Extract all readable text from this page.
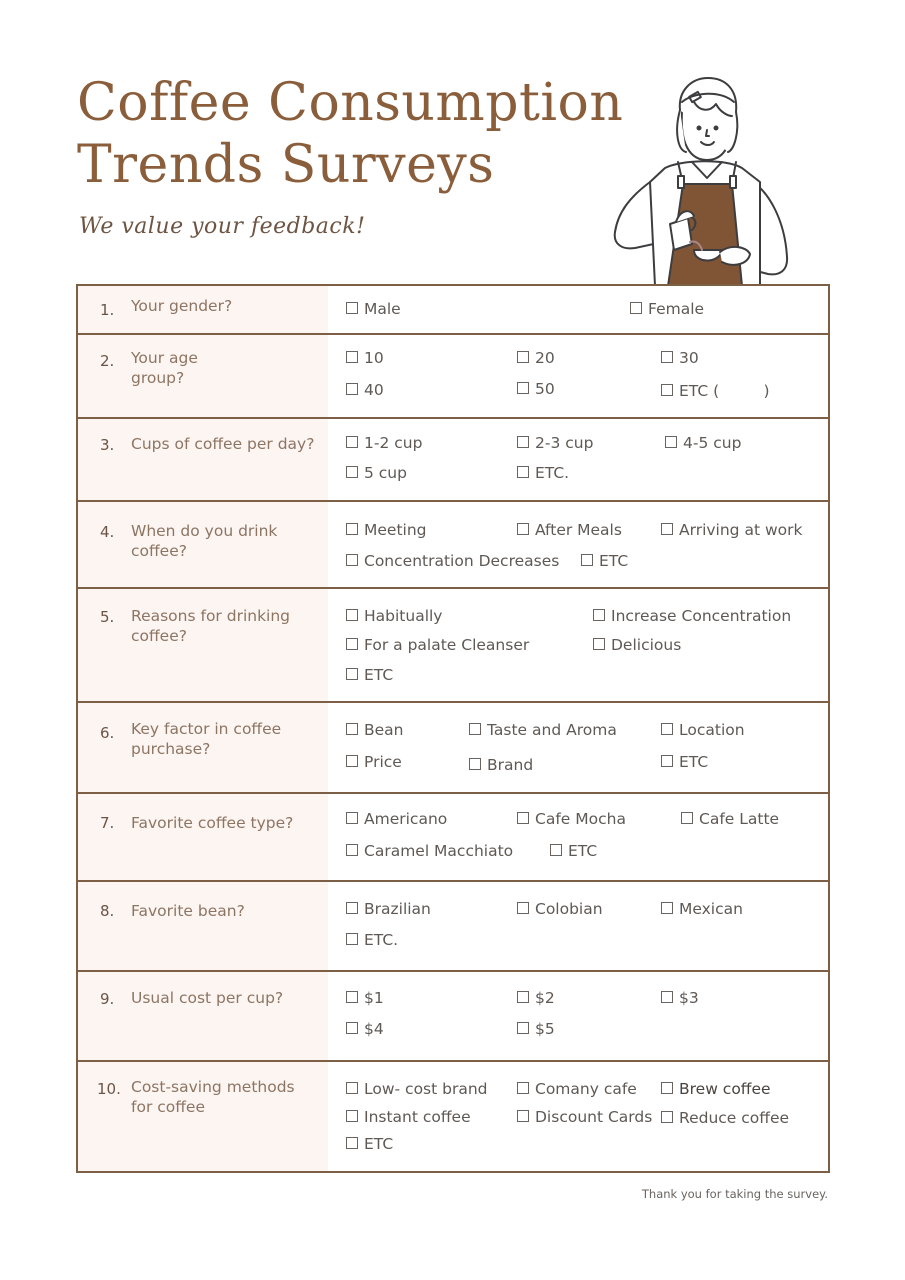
Coffee Consumption
Trends Surveys
We value your feedback!
1. Your gender?	Male	Female
2. Your age group?
10	20	30
40	50	ETC (         )
3. Cups of coffee per day?	1-2 cup	2-3 cup	4-5 cup
5 cup	ETC.
4. When do you drink coffee?
Meeting	After Meals	Arriving at work
Concentration Decreases	ETC
5. Reasons for drinking coffee?
Habitually	Increase Concentration
For a palate Cleanser	Delicious
ETC
6. Key factor in coffee purchase?
Bean	Taste and Aroma	Location
Price	Brand	ETC
7. Favorite coffee type?	Americano	Cafe Mocha	Cafe Latte
Caramel Macchiato	ETC
8. Favorite bean?	Brazilian	Colobian	Mexican
ETC.
9. Usual cost per cup?	$1	$2	$3
$4	$5
10. Cost-saving methods for coffee
Low- cost brand	Comany cafe	Brew coffee
Instant coffee	Discount Cards	Reduce coffee
ETC
Thank you for taking the survey.
